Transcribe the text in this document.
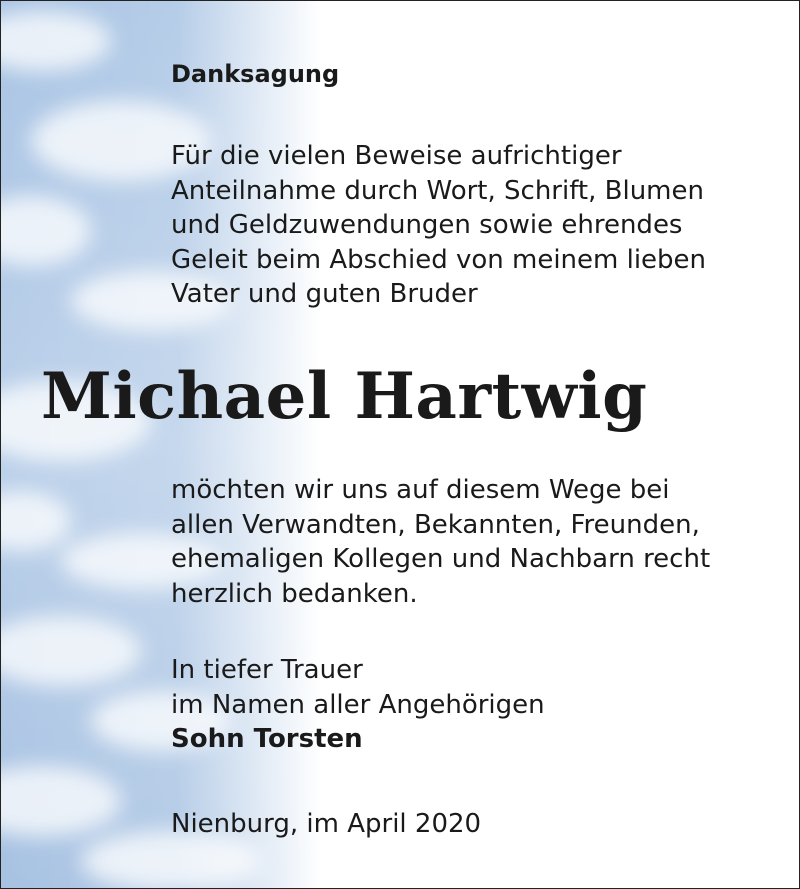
Danksagung

Für die vielen Beweise aufrichtiger
Anteilnahme durch Wort, Schrift, Blumen
und Geldzuwendungen sowie ehrendes
Geleit beim Abschied von meinem lieben
Vater und guten Bruder

Michael Hartwig

möchten wir uns auf diesem Wege bei
allen Verwandten, Bekannten, Freunden,
ehemaligen Kollegen und Nachbarn recht
herzlich bedanken.

In tiefer Trauer
im Namen aller Angehörigen
Sohn Torsten

Nienburg, im April 2020
